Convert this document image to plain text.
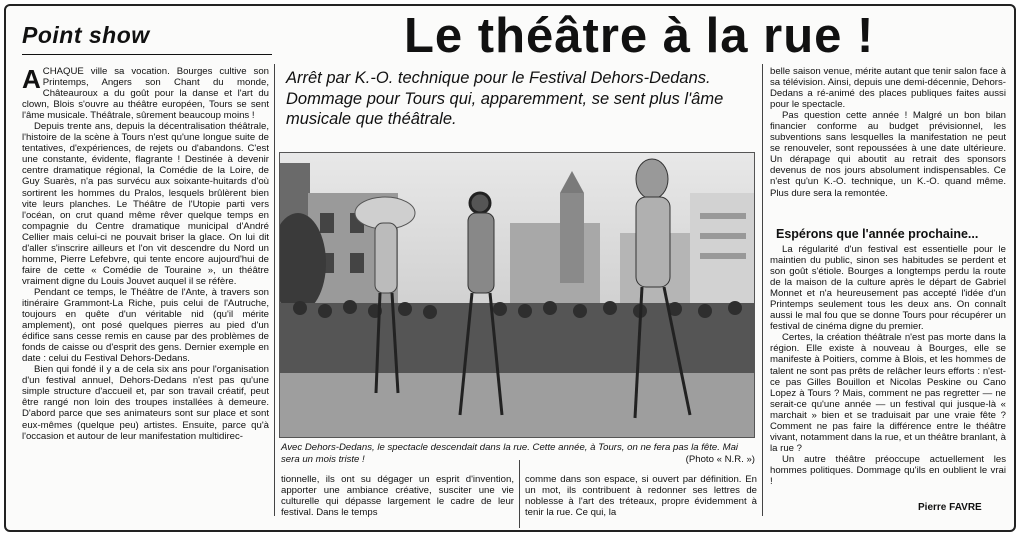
Point show	Le théâtre à la rue !

ACHAQUE ville sa vocation. Bourges cultive son Printemps, Angers son Chant du monde, Châteauroux a du goût pour la danse et l'art du clown, Blois s'ouvre au théâtre européen, Tours se sent l'âme musicale. Théâtrale, sûrement beaucoup moins !

Depuis trente ans, depuis la décentralisation théâtrale, l'histoire de la scène à Tours n'est qu'une longue suite de tentatives, d'expériences, de rejets ou d'abandons. C'est une constante, évidente, flagrante ! Destinée à devenir centre dramatique régional, la Comédie de la Loire, de Guy Suarès, n'a pas survécu aux soixante-huitards d'où sortirent les hommes du Pralos, lesquels brûlèrent bien vite leurs planches. Le Théâtre de l'Utopie parti vers l'océan, on crut quand même rêver quelque temps en compagnie du Centre dramatique municipal d'André Cellier mais celui-ci ne pouvait briser la glace. On lui dit d'aller s'inscrire ailleurs et l'on vit descendre du Nord un homme, Pierre Lefebvre, qui tente encore aujourd'hui de faire de cette « Comédie de Touraine », un théâtre vraiment digne du Louis Jouvet auquel il se réfère.

Pendant ce temps, le Théâtre de l'Ante, à travers son itinéraire Grammont-La Riche, puis celui de l'Autruche, toujours en quête d'un véritable nid (qu'il mérite amplement), ont posé quelques pierres au pied d'un édifice sans cesse remis en cause par des problèmes de fonds de caisse ou d'esprit des gens. Dernier exemple en date : celui du Festival Dehors-Dedans.

Bien qui fondé il y a de cela six ans pour l'organisation d'un festival annuel, Dehors-Dedans n'est pas qu'une simple structure d'accueil et, par son travail créatif, peut être rangé non loin des troupes installées à demeure. D'abord parce que ses animateurs sont sur place et sont eux-mêmes (quelque peu) artistes. Ensuite, parce qu'à l'occasion et autour de leur manifestation multidirec-

Arrêt par K.-O. technique pour le Festival Dehors-Dedans. Dommage pour Tours qui, apparemment, se sent plus l'âme musicale que théâtrale.
Avec Dehors-Dedans, le spectacle descendait dans la rue. Cette année, à Tours, on ne fera pas la fête. Mai sera un mois triste !	(Photo « N.R. »)

tionnelle, ils ont su dégager un esprit d'invention, apporter une ambiance créative, susciter une vie culturelle qui dépasse largement le cadre de leur festival. Dans le temps

comme dans son espace, si ouvert par définition. En un mot, ils contribuent à redonner ses lettres de noblesse à l'art des tréteaux, propre évidemment à tenir la rue. Ce qui, la

belle saison venue, mérite autant que tenir salon face à sa télévision. Ainsi, depuis une demi-décennie, Dehors-Dedans a ré-animé des places publiques faites aussi pour le spectacle.

Pas question cette année ! Malgré un bon bilan financier conforme au budget prévisionnel, les subventions sans lesquelles la manifestation ne peut se renouveler, sont repoussées à une date ultérieure. Un dérapage qui aboutit au retrait des sponsors devenus de nos jours absolument indispensables. Ce n'est qu'un K.-O. technique, un K.-O. quand même. Plus dure sera la remontée.

Espérons que l'année prochaine...

La régularité d'un festival est essentielle pour le maintien du public, sinon ses habitudes se perdent et son goût s'étiole. Bourges a longtemps perdu la route de la maison de la culture après le départ de Gabriel Monnet et n'a heureusement pas accepté l'idée d'un Printemps seulement tous les deux ans. On connaît aussi le mal fou que se donne Tours pour récupérer un festival de cinéma digne du premier.

Certes, la création théâtrale n'est pas morte dans la région. Elle existe à nouveau à Bourges, elle se manifeste à Poitiers, comme à Blois, et les hommes de talent ne sont pas prêts de relâcher leurs efforts : n'est-ce pas Gilles Bouillon et Nicolas Peskine ou Cano Lopez à Tours ? Mais, comment ne pas regretter — ne serait-ce qu'une année — un festival qui jusque-là « marchait » bien et se traduisait par une vraie fête ? Comment ne pas faire la différence entre le théâtre vivant, notamment dans la rue, et un théâtre branlant, à la rue ?

Un autre théâtre préoccupe actuellement les hommes politiques. Dommage qu'ils en oublient le vrai !

Pierre FAVRE
